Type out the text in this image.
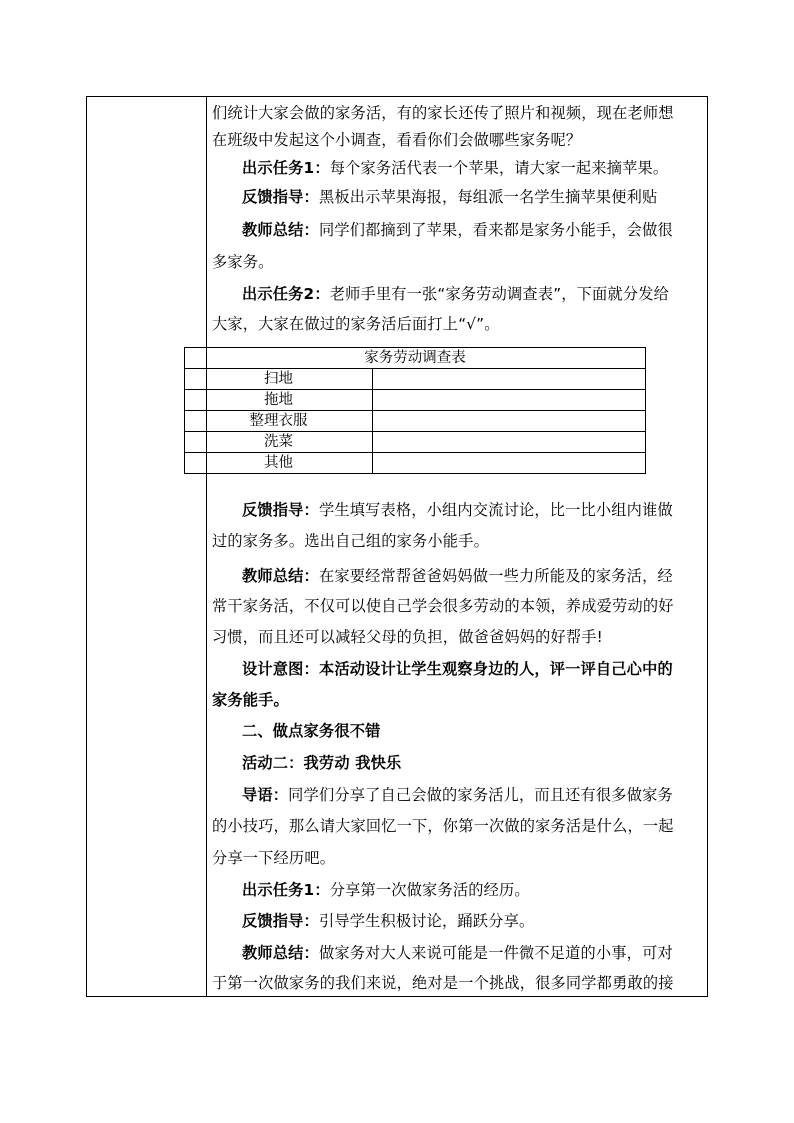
们统计大家会做的家务活，有的家长还传了照片和视频，现在老师想
在班级中发起这个小调查，看看你们会做哪些家务呢？
出示任务1：每个家务活代表一个苹果，请大家一起来摘苹果。
反馈指导：黑板出示苹果海报，每组派一名学生摘苹果便利贴
教师总结：同学们都摘到了苹果，看来都是家务小能手，会做很
多家务。
出示任务2：老师手里有一张“家务劳动调查表”，下面就分发给
大家，大家在做过的家务活后面打上“√”。
反馈指导：学生填写表格，小组内交流讨论，比一比小组内谁做
过的家务多。选出自己组的家务小能手。
教师总结：在家要经常帮爸爸妈妈做一些力所能及的家务活，经
常干家务活，不仅可以使自己学会很多劳动的本领，养成爱劳动的好
习惯，而且还可以减轻父母的负担，做爸爸妈妈的好帮手!
设计意图：本活动设计让学生观察身边的人，评一评自己心中的
家务能手。
二、做点家务很不错
活动二：我劳动 我快乐
导语：同学们分享了自己会做的家务活儿，而且还有很多做家务
的小技巧，那么请大家回忆一下，你第一次做的家务活是什么，一起
分享一下经历吧。
出示任务1：分享第一次做家务活的经历。
反馈指导：引导学生积极讨论，踊跃分享。
教师总结：做家务对大人来说可能是一件微不足道的小事，可对
于第一次做家务的我们来说，绝对是一个挑战，很多同学都勇敢的接
家务劳动调查表	
扫地	
拖地	
整理衣服	
洗菜	
其他	
